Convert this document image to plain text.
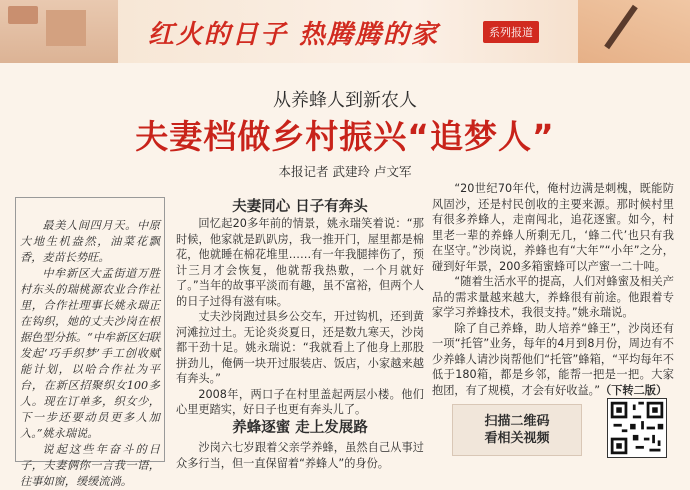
红火的日子 热腾腾的家	系列报道
从养蜂人到新农人
夫妻档做乡村振兴“追梦人”
本报记者 武建玲 卢文军

最美人间四月天。中原大地生机盎然，油菜花飘香，麦苗长势旺。

中牟新区大孟街道万胜村东头的瑞桃源农业合作社里，合作社理事长姚永瑞正在钩织，她的丈夫沙岗在根据色型分拣。“中牟新区妇联发起‘巧手织梦’手工创收赋能计划，以哈合作社为平台，在新区招聚织女100多人。现在订单多，织女少，下一步还要动员更多人加入。”姚永瑞说。

说起这些年奋斗的日子，夫妻俩你一言我一语，往事如窗，缓缓流淌。

夫妻同心 日子有奔头

回忆起20多年前的情景，姚永瑞笑着说：“那时候，他家就是趴趴房，我一推开门，屋里都是棉花，他就睡在棉花堆里……有一年我腿摔伤了，预计三月才会恢复，他就帮我热敷，一个月就好了。”当年的故事平淡而有趣，虽不富裕，但两个人的日子过得有滋有味。

丈夫沙岗跑过县乡公交车，开过钩机，还到黄河滩拉过土。无论炎炎夏日，还是数九寒天，沙岗都干劲十足。姚永瑞说：“我就看上了他身上那股拼劲儿，俺俩一块开过服装店、饭店，小家越来越有奔头。”

2008年，两口子在村里盖起两层小楼。他们心里更踏实，好日子也更有奔头儿了。

养蜂逐蜜 走上发展路

沙岗六七岁跟着父亲学养蜂，虽然自己从事过众多行当，但一直保留着“养蜂人”的身份。

“20世纪70年代，俺村边满是刺槐，既能防风固沙，还是村民创收的主要来源。那时候村里有很多养蜂人，走南闯北，追花逐蜜。如今，村里老一辈的养蜂人所剩无几，‘蜂二代’也只有我在坚守。”沙岗说，养蜂也有“大年”“小年”之分，碰到好年景，200多箱蜜蜂可以产蜜一二十吨。

“随着生活水平的提高，人们对蜂蜜及相关产品的需求量越来越大，养蜂很有前途。他跟着专家学习养蜂技术，我很支持。”姚永瑞说。

除了自己养蜂，助人培养“蜂王”，沙岗还有一项“托管”业务，每年的4月到8月份，周边有不少养蜂人请沙岗帮他们“托管”蜂箱，“平均每年不低于180箱，都是乡邻，能帮一把是一把。大家抱团，有了规模，才会有好收益。”（下转二版）

扫描二维码
看相关视频
